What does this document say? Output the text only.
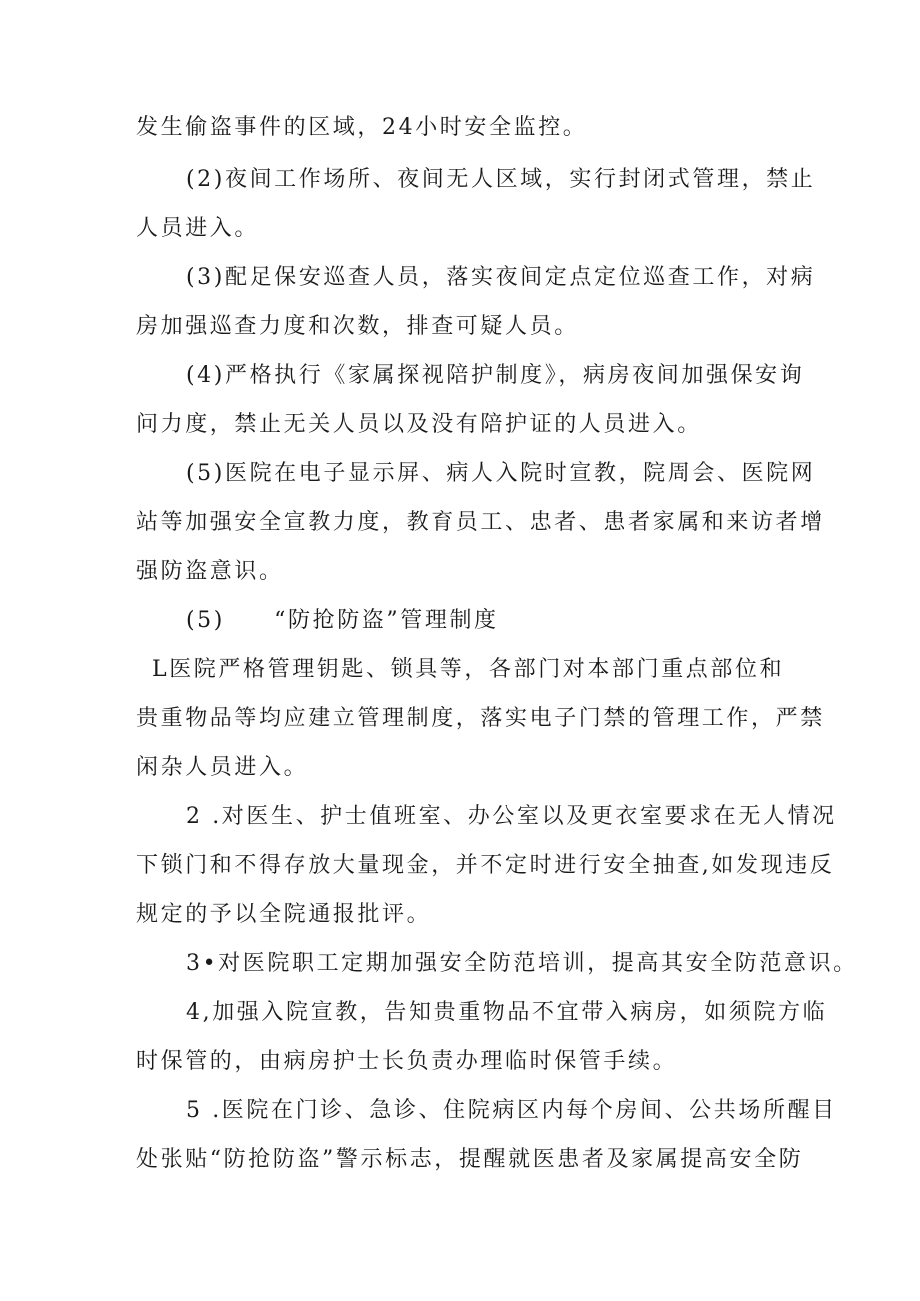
发生偷盗事件的区域，24小时安全监控。
(2)夜间工作场所、夜间无人区域，实行封闭式管理，禁止
人员进入。
(3)配足保安巡查人员，落实夜间定点定位巡查工作，对病
房加强巡查力度和次数，排查可疑人员。
(4)严格执行《家属探视陪护制度》，病房夜间加强保安询
问力度，禁止无关人员以及没有陪护证的人员进入。
(5)医院在电子显示屏、病人入院时宣教，院周会、医院网
站等加强安全宣教力度，教育员工、忠者、患者家属和来访者增
强防盗意识。
(5)　　“防抢防盗”管理制度
L医院严格管理钥匙、锁具等，各部门对本部门重点部位和
贵重物品等均应建立管理制度，落实电子门禁的管理工作，严禁
闲杂人员进入。
2 .对医生、护士值班室、办公室以及更衣室要求在无人情况
下锁门和不得存放大量现金，并不定时进行安全抽查,如发现违反
规定的予以全院通报批评。
3•对医院职工定期加强安全防范培训，提高其安全防范意识。
4,加强入院宣教，告知贵重物品不宜带入病房，如须院方临
时保管的，由病房护士长负责办理临时保管手续。
5 .医院在门诊、急诊、住院病区内每个房间、公共场所醒目
处张贴“防抢防盗”警示标志，提醒就医患者及家属提高安全防
